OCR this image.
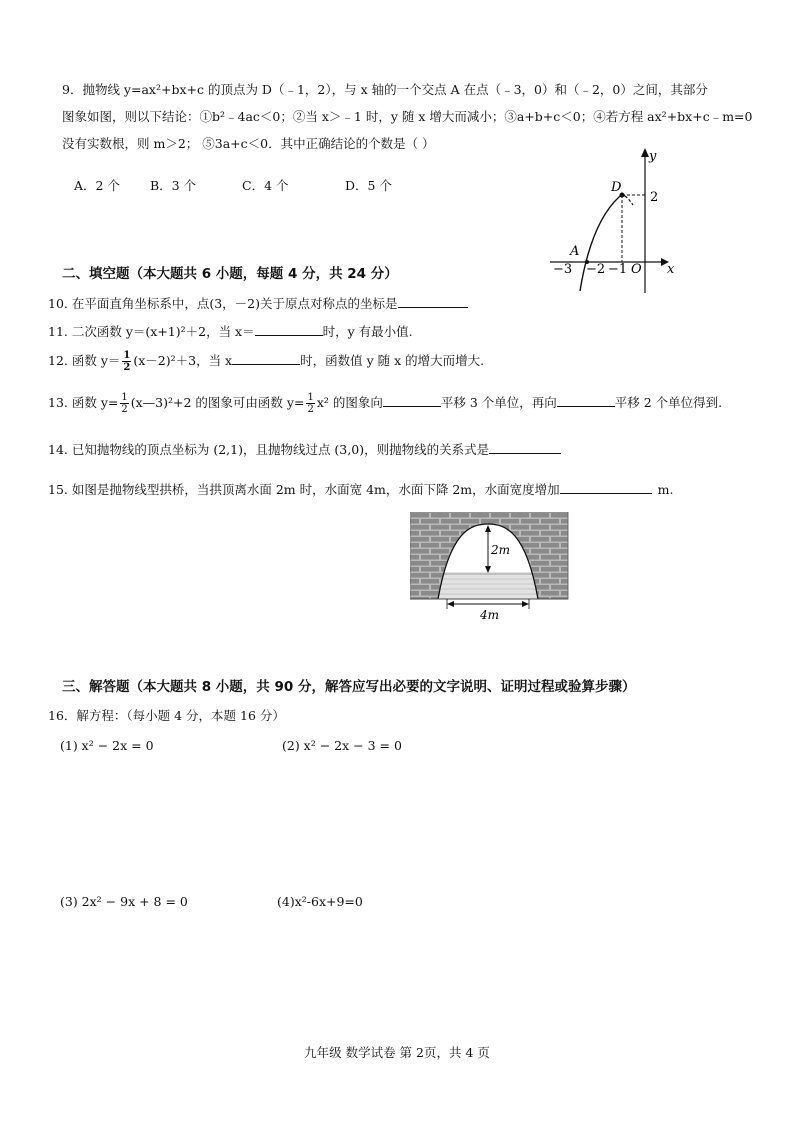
9．抛物线 y=ax²+bx+c 的顶点为 D（﹣1，2），与 x 轴的一个交点 A 在点（﹣3，0）和（﹣2，0）之间，其部分
图象如图，则以下结论：①b²﹣4ac＜0；②当 x＞﹣1 时，y 随 x 增大而减小；③a+b+c＜0；④若方程 ax²+bx+c﹣m=0
没有实数根，则 m＞2； ⑤3a+c＜0．其中正确结论的个数是（ ）
A．2 个 B．3 个	C．4 个	D．5 个
y
x
D
2
A
−3 −2 −1 O
二、填空题（本大题共 6 小题，每题 4 分，共 24 分）
10. 在平面直角坐标系中，点(3，－2)关于原点对称点的坐标是
11. 二次函数 y＝(x+1)²＋2，当 x＝	时，y 有最小值.
12. 函数 $y= \frac{1}{2} (x-2)^2+3$，当 x	时，函数值 y 随 x 的增大而增大.
13. 函数 $y= \frac{1}{2}$ (x—3)²+2 的图象可由函数 $y= \frac{1}{2} x^2$ 的图象向	平移 3 个单位，再向	平移 2 个单位得到.
14. 已知抛物线的顶点坐标为 (2,1)，且抛物线过点 (3,0)，则抛物线的关系式是
15. 如图是抛物线型拱桥，当拱顶离水面 2m 时，水面宽 4m，水面下降 2m，水面宽度增加	m.
2m
4m
三、解答题（本大题共 8 小题，共 90 分，解答应写出必要的文字说明、证明过程或验算步骤）
16．解方程：（每小题 4 分，本题 16 分）
(1) x² − 2x = 0	(2) x² − 2x − 3 = 0
(3) 2x² − 9x + 8 = 0	(4)x²-6x+9=0
九年级 数学试卷 第 2页，共 4 页
